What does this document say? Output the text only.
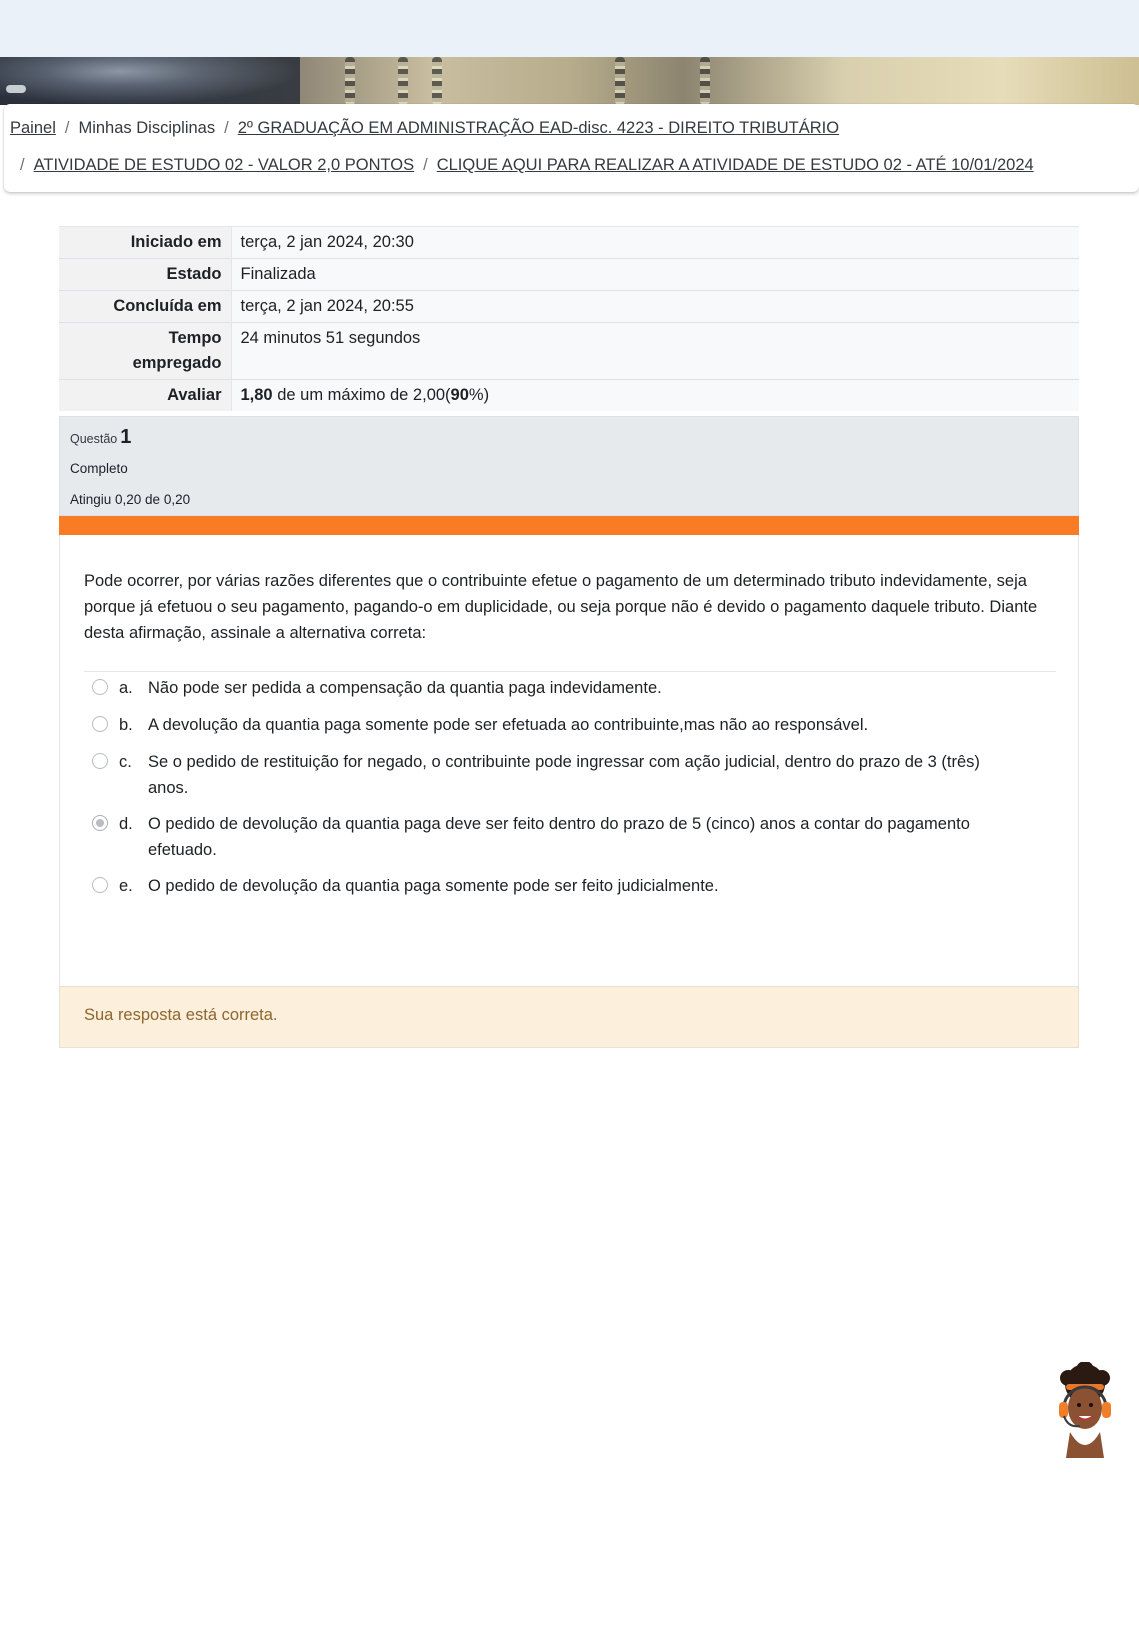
Painel / Minhas Disciplinas / 2º GRADUAÇÃO EM ADMINISTRAÇÃO EAD-disc. 4223 - DIREITO TRIBUTÁRIO
/ ATIVIDADE DE ESTUDO 02 - VALOR 2,0 PONTOS / CLIQUE AQUI PARA REALIZAR A ATIVIDADE DE ESTUDO 02 - ATÉ 10/01/2024
Iniciado em	terça, 2 jan 2024, 20:30
Estado	Finalizada
Concluída em	terça, 2 jan 2024, 20:55
Tempo
empregado	24 minutos 51 segundos
Avaliar	1,80 de um máximo de 2,00(90%)
Questão 1
Completo
Atingiu 0,20 de 0,20
Pode ocorrer, por várias razões diferentes que o contribuinte efetue o pagamento de um determinado tributo indevidamente, seja porque já efetuou o seu pagamento, pagando-o em duplicidade, ou seja porque não é devido o pagamento daquele tributo. Diante desta afirmação, assinale a alternativa correta:
a. Não pode ser pedida a compensação da quantia paga indevidamente.
b. A devolução da quantia paga somente pode ser efetuada ao contribuinte,mas não ao responsável.
c. Se o pedido de restituição for negado, o contribuinte pode ingressar com ação judicial, dentro do prazo de 3 (três) anos.
d. O pedido de devolução da quantia paga deve ser feito dentro do prazo de 5 (cinco) anos a contar do pagamento efetuado.
e. O pedido de devolução da quantia paga somente pode ser feito judicialmente.
Sua resposta está correta.
